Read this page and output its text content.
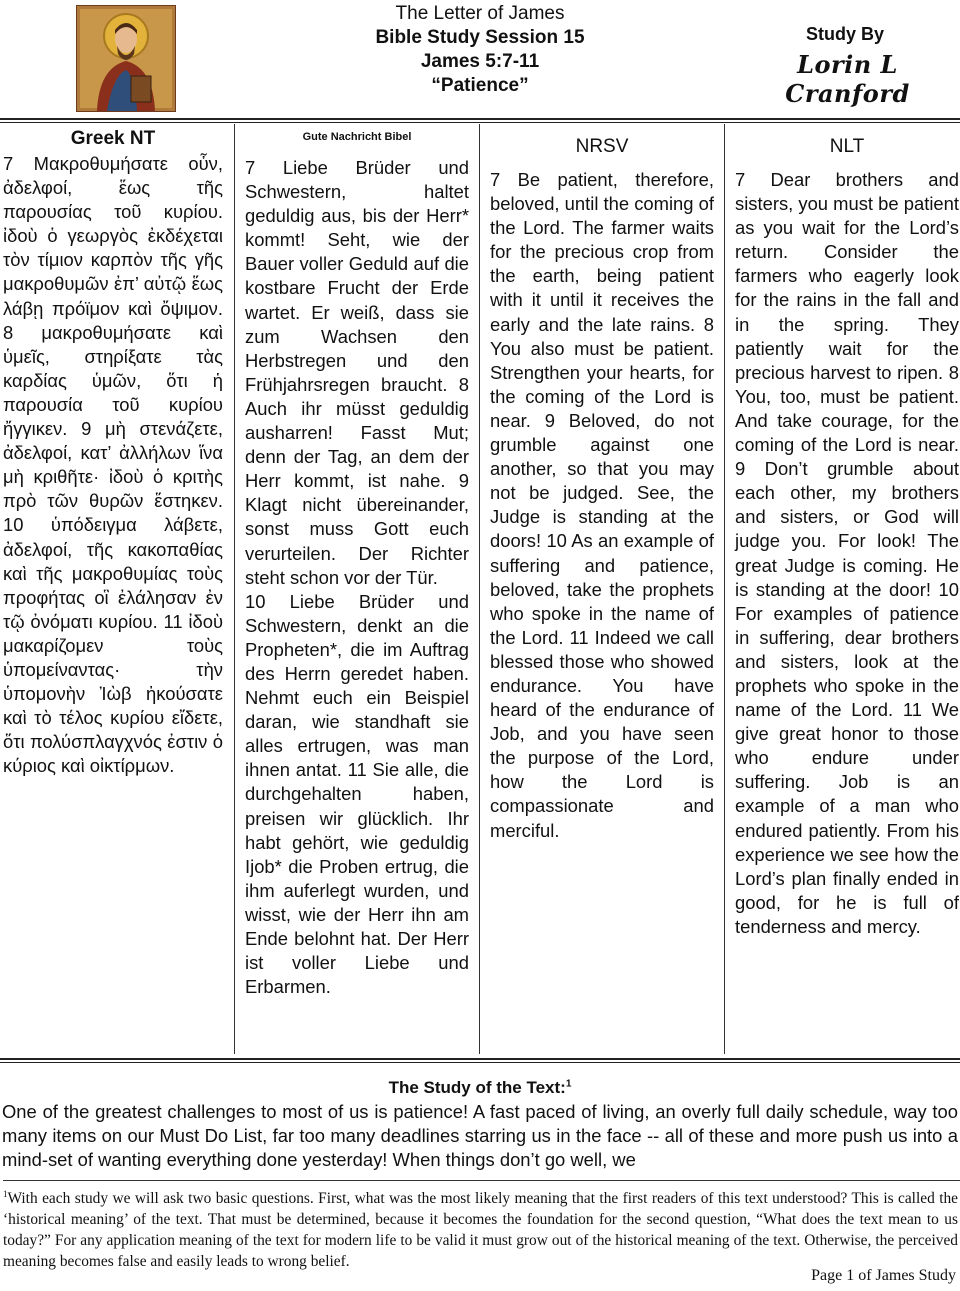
The Letter of James
Bible Study Session 15
James 5:7-11
“Patience”
Study By
Lorin L Cranford
Greek NT
7 Μακροθυμήσατε οὖν, ἀδελφοί, ἕως τῆς παρουσίας τοῦ κυρίου. ἰδοὺ ὁ γεωργὸς ἐκδέχεται τὸν τίμιον καρπὸν τῆς γῆς μακροθυμῶν ἐπ’ αὐτῷ ἕως λάβῃ πρόϊμον καὶ ὄψιμον. 8 μακροθυμήσατε καὶ ὑμεῖς, στηρίξατε τὰς καρδίας ὑμῶν, ὅτι ἡ παρουσία τοῦ κυρίου ἤγγικεν. 9 μὴ στενάζετε, ἀδελφοί, κατ’ ἀλλήλων ἵνα μὴ κριθῆτε· ἰδοὺ ὁ κριτὴς πρὸ τῶν θυρῶν ἕστηκεν. 10 ὑπόδειγμα λάβετε, ἀδελφοί, τῆς κακοπαθίας καὶ τῆς μακροθυμίας τοὺς προφήτας οἳ ἐλάλησαν ἐν τῷ ὀνόματι κυρίου. 11 ἰδοὺ μακαρίζομεν τοὺς ὑπομείναντας· τὴν ὑπομονὴν Ἰὼβ ἠκούσατε καὶ τὸ τέλος κυρίου εἴδετε, ὅτι πολύσπλαγχνός ἐστιν ὁ κύριος καὶ οἰκτίρμων.
Gute Nachricht Bibel
7 Liebe Brüder und Schwestern, haltet geduldig aus, bis der Herr* kommt! Seht, wie der Bauer voller Geduld auf die kostbare Frucht der Erde wartet. Er weiß, dass sie zum Wachsen den Herbstregen und den Frühjahrsregen braucht. 8 Auch ihr müsst geduldig ausharren! Fasst Mut; denn der Tag, an dem der Herr kommt, ist nahe. 9 Klagt nicht übereinander, sonst muss Gott euch verurteilen. Der Richter steht schon vor der Tür.
10 Liebe Brüder und Schwestern, denkt an die Propheten*, die im Auftrag des Herrn geredet haben. Nehmt euch ein Beispiel daran, wie standhaft sie alles ertrugen, was man ihnen antat. 11 Sie alle, die durchgehalten haben, preisen wir glücklich. Ihr habt gehört, wie geduldig Ijob* die Proben ertrug, die ihm auferlegt wurden, und wisst, wie der Herr ihn am Ende belohnt hat. Der Herr ist voller Liebe und Erbarmen.
NRSV
7 Be patient, therefore, beloved, until the coming of the Lord. The farmer waits for the precious crop from the earth, being patient with it until it receives the early and the late rains. 8 You also must be patient. Strengthen your hearts, for the coming of the Lord is near. 9 Beloved, do not grumble against one another, so that you may not be judged. See, the Judge is standing at the doors! 10 As an example of suffering and patience, beloved, take the prophets who spoke in the name of the Lord. 11 Indeed we call blessed those who showed endurance. You have heard of the endurance of Job, and you have seen the purpose of the Lord, how the Lord is compassionate and merciful.
NLT
7 Dear brothers and sisters, you must be patient as you wait for the Lord’s return. Consider the farmers who eagerly look for the rains in the fall and in the spring. They patiently wait for the precious harvest to ripen. 8 You, too, must be patient. And take courage, for the coming of the Lord is near. 9 Don’t grumble about each other, my brothers and sisters, or God will judge you. For look! The great Judge is coming. He is standing at the door! 10 For examples of patience in suffering, dear brothers and sisters, look at the prophets who spoke in the name of the Lord. 11 We give great honor to those who endure under suffering. Job is an example of a man who endured patiently. From his experience we see how the Lord’s plan finally ended in good, for he is full of tenderness and mercy.
The Study of the Text:$^1$
One of the greatest challenges to most of us is patience! A fast paced of living, an overly full daily schedule, way too many items on our Must Do List, far too many deadlines starring us in the face -- all of these and more push us into a mind-set of wanting everything done yesterday! When things don’t go well, we
$^1$With each study we will ask two basic questions. First, what was the most likely meaning that the first readers of this text understood? This is called the ‘historical meaning’ of the text. That must be determined, because it becomes the foundation for the second question, “What does the text mean to us today?” For any application meaning of the text for modern life to be valid it must grow out of the historical meaning of the text. Otherwise, the perceived meaning becomes false and easily leads to wrong belief.
Page 1 of James Study
